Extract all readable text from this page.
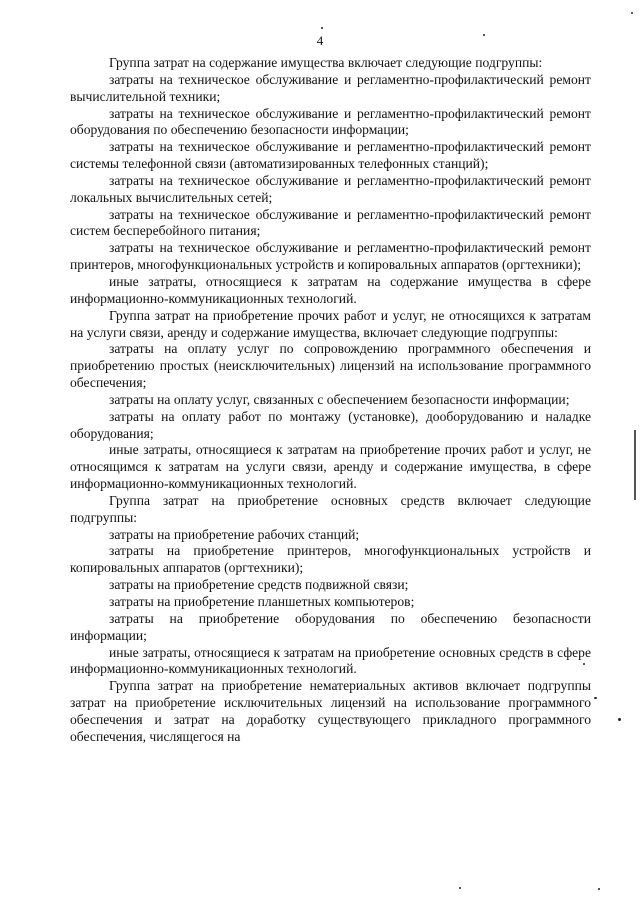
4

Группа затрат на содержание имущества включает следующие подгруппы:

затраты на техническое обслуживание и регламентно-профилактический ремонт вычислительной техники;

затраты на техническое обслуживание и регламентно-профилактический ремонт оборудования по обеспечению безопасности информации;

затраты на техническое обслуживание и регламентно-профилактический ремонт системы телефонной связи (автоматизированных телефонных станций);

затраты на техническое обслуживание и регламентно-профилактический ремонт локальных вычислительных сетей;

затраты на техническое обслуживание и регламентно-профилактический ремонт систем бесперебойного питания;

затраты на техническое обслуживание и регламентно-профилактический ремонт принтеров, многофункциональных устройств и копировальных аппаратов (оргтехники);

иные затраты, относящиеся к затратам на содержание имущества в сфере информационно-коммуникационных технологий.

Группа затрат на приобретение прочих работ и услуг, не относящихся к затратам на услуги связи, аренду и содержание имущества, включает следующие подгруппы:

затраты на оплату услуг по сопровождению программного обеспечения и приобретению простых (неисключительных) лицензий на использование программного обеспечения;

затраты на оплату услуг, связанных с обеспечением безопасности информации;

затраты на оплату работ по монтажу (установке), дооборудованию и наладке оборудования;

иные затраты, относящиеся к затратам на приобретение прочих работ и услуг, не относящимся к затратам на услуги связи, аренду и содержание имущества, в сфере информационно-коммуникационных технологий.

Группа затрат на приобретение основных средств включает следующие подгруппы:

затраты на приобретение рабочих станций;

затраты на приобретение принтеров, многофункциональных устройств и копировальных аппаратов (оргтехники);

затраты на приобретение средств подвижной связи;

затраты на приобретение планшетных компьютеров;

затраты на приобретение оборудования по обеспечению безопасности информации;

иные затраты, относящиеся к затратам на приобретение основных средств в сфере информационно-коммуникационных технологий.

Группа затрат на приобретение нематериальных активов включает подгруппы затрат на приобретение исключительных лицензий на использование программного обеспечения и затрат на доработку существующего прикладного программного обеспечения, числящегося на
